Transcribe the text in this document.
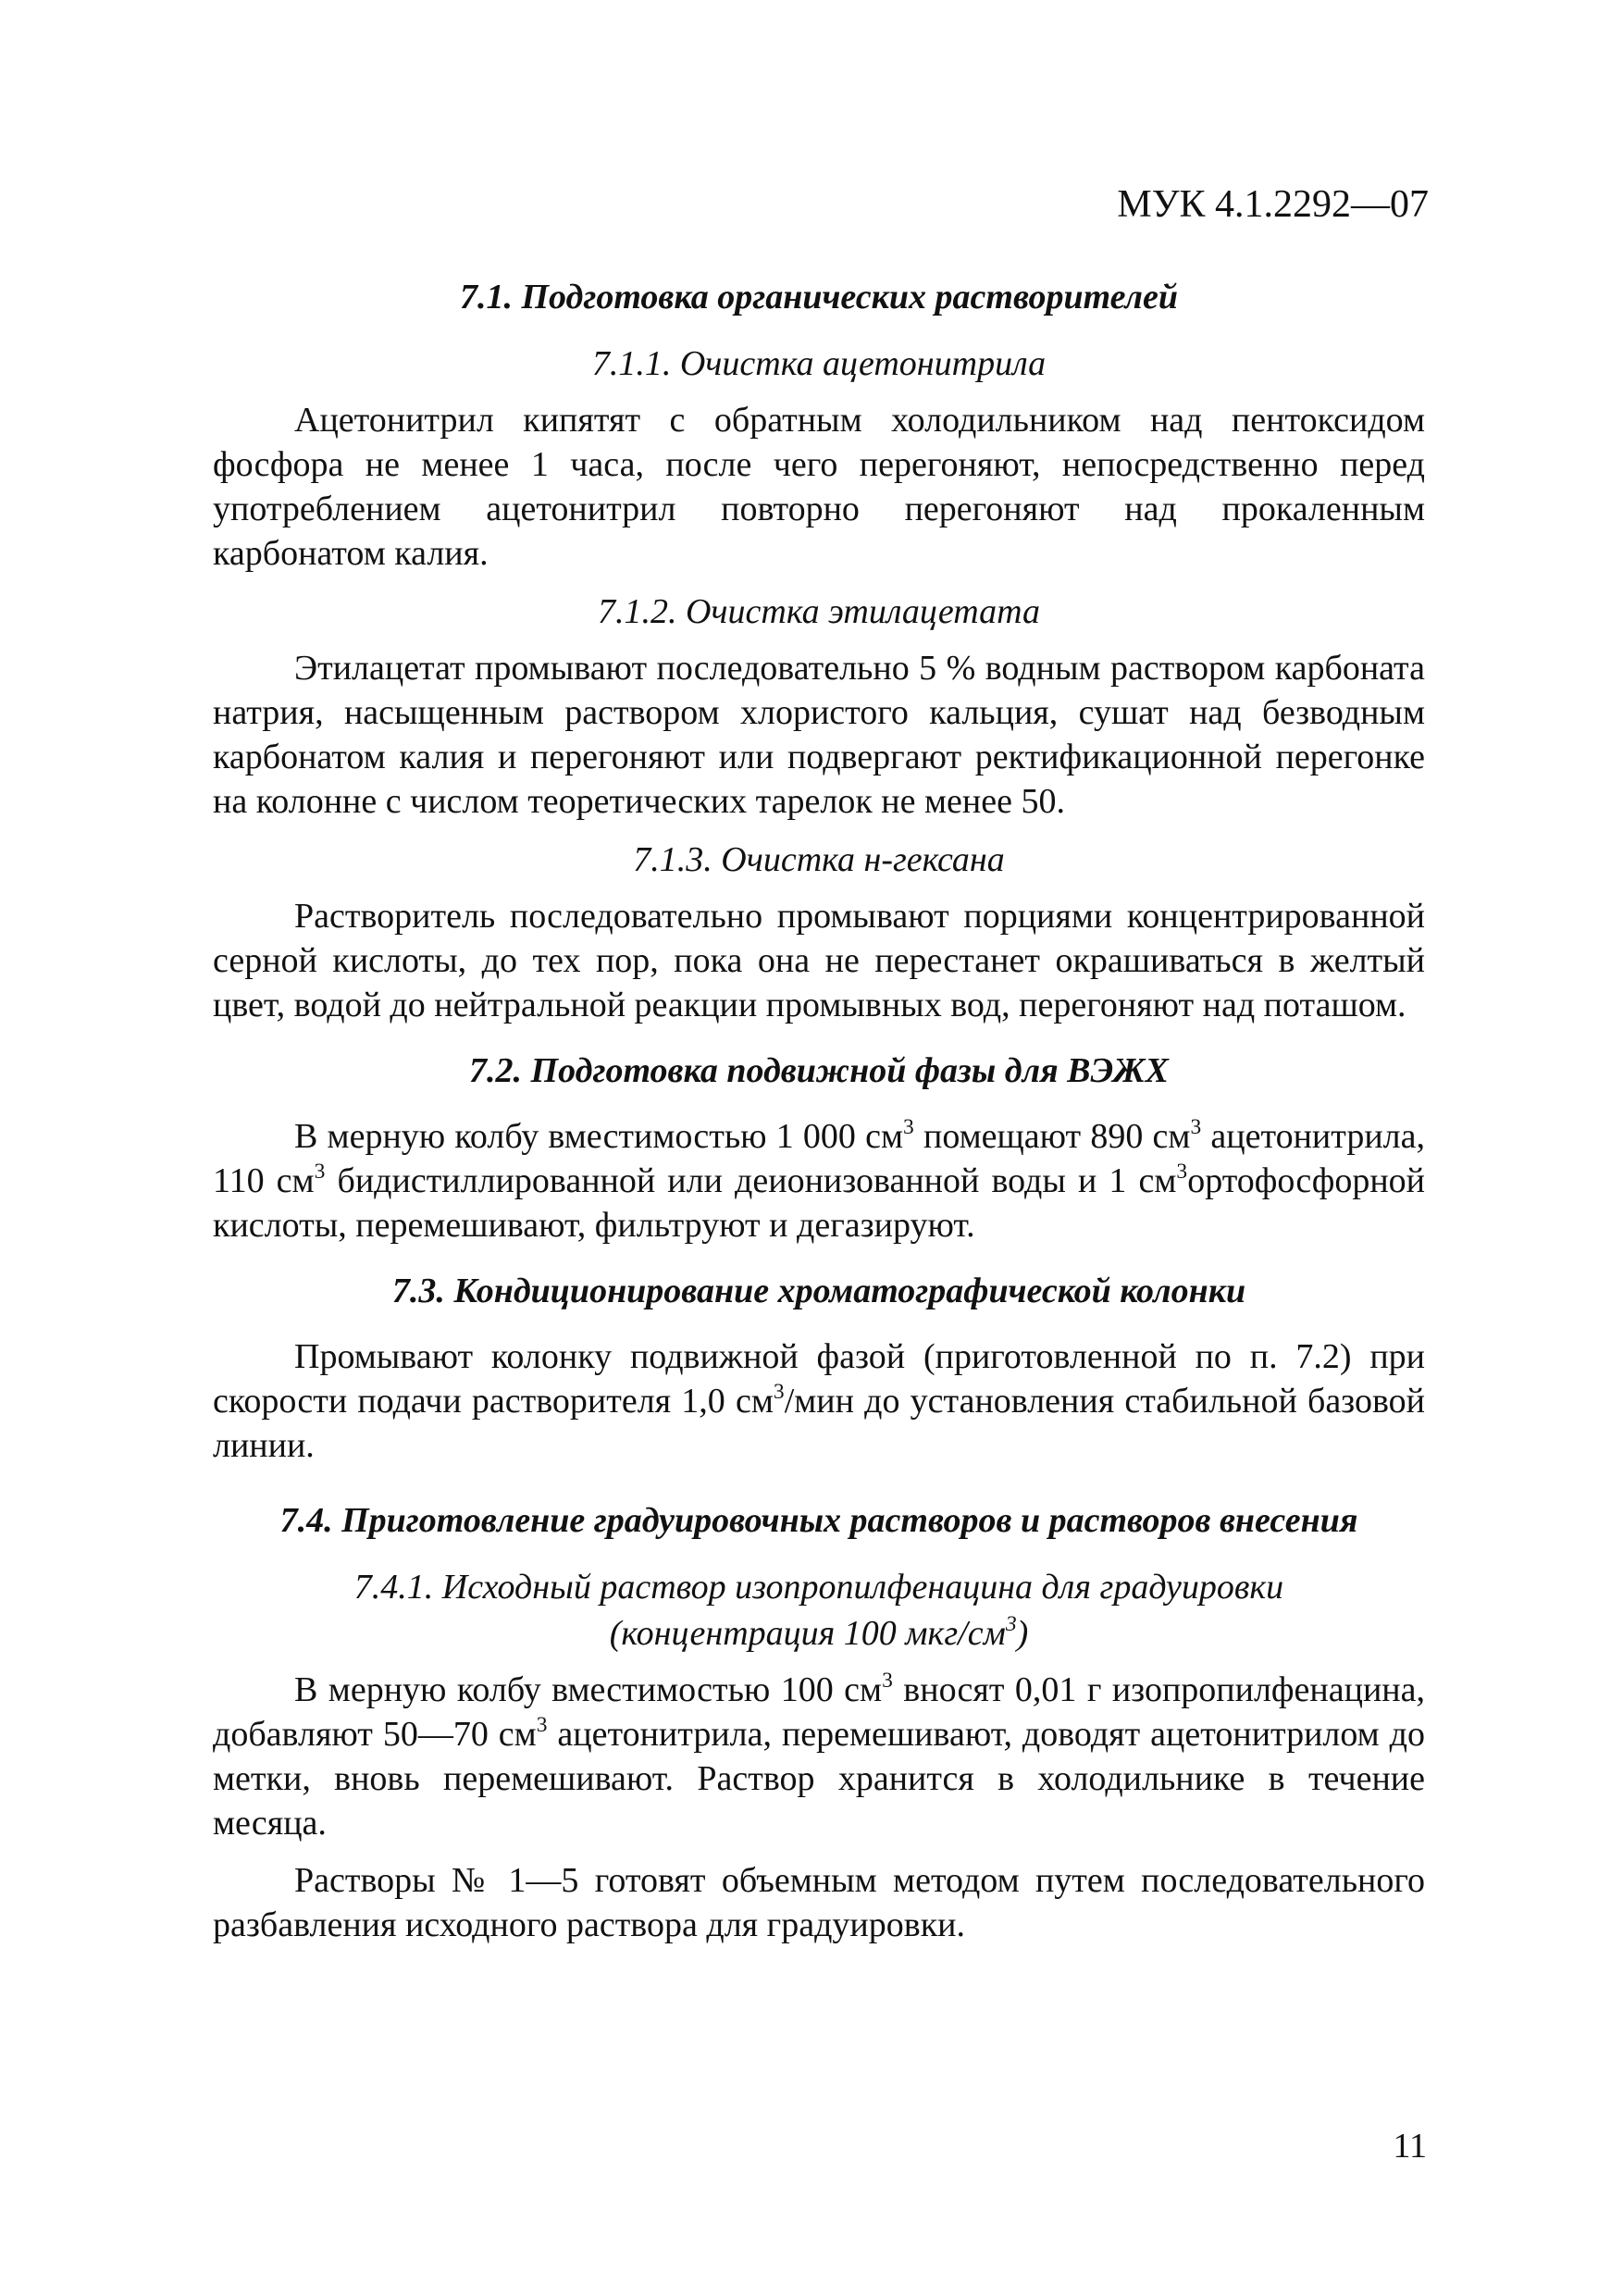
МУК 4.1.2292—07
7.1. Подготовка органических растворителей
7.1.1. Очистка ацетонитрила

Ацетонитрил кипятят с обратным холодильником над пентоксидом фосфора не менее 1 часа, после чего перегоняют, непосредственно перед употреблением ацетонитрил повторно перегоняют над прокаленным карбонатом калия.

7.1.2. Очистка этилацетата

Этилацетат промывают последовательно 5 % водным раствором карбоната натрия, насыщенным раствором хлористого кальция, сушат над безводным карбонатом калия и перегоняют или подвергают ректификационной перегонке на колонне с числом теоретических тарелок не менее 50.

7.1.3. Очистка н-гексана

Растворитель последовательно промывают порциями концентрированной серной кислоты, до тех пор, пока она не перестанет окрашиваться в желтый цвет, водой до нейтральной реакции промывных вод, перегоняют над поташом.

7.2. Подготовка подвижной фазы для ВЭЖХ

В мерную колбу вместимостью 1 000 $см^3$ помещают 890 $см^3$ ацетонитрила, 110 $см^3$ бидистиллированной или деионизованной воды и 1 $см^3ортофосфорной$ кислоты, перемешивают, фильтруют и дегазируют.

7.3. Кондиционирование хроматографической колонки

Промывают колонку подвижной фазой (приготовленной по п. 7.2) при скорости подачи растворителя 1,0 $см^3$/мин до установления стабильной базовой линии.

7.4. Приготовление градуировочных растворов и растворов внесения
7.4.1. Исходный раствор изопропилфенацина для градуировки
(концентрация 100 мкг/$см^3$)

В мерную колбу вместимостью 100 $см^3$ вносят 0,01 г изопропилфенацина, добавляют 50—70 $см^3$ ацетонитрила, перемешивают, доводят ацетонитрилом до метки, вновь перемешивают. Раствор хранится в холодильнике в течение месяца.

Растворы № 1—5 готовят объемным методом путем последовательного разбавления исходного раствора для градуировки.

11
